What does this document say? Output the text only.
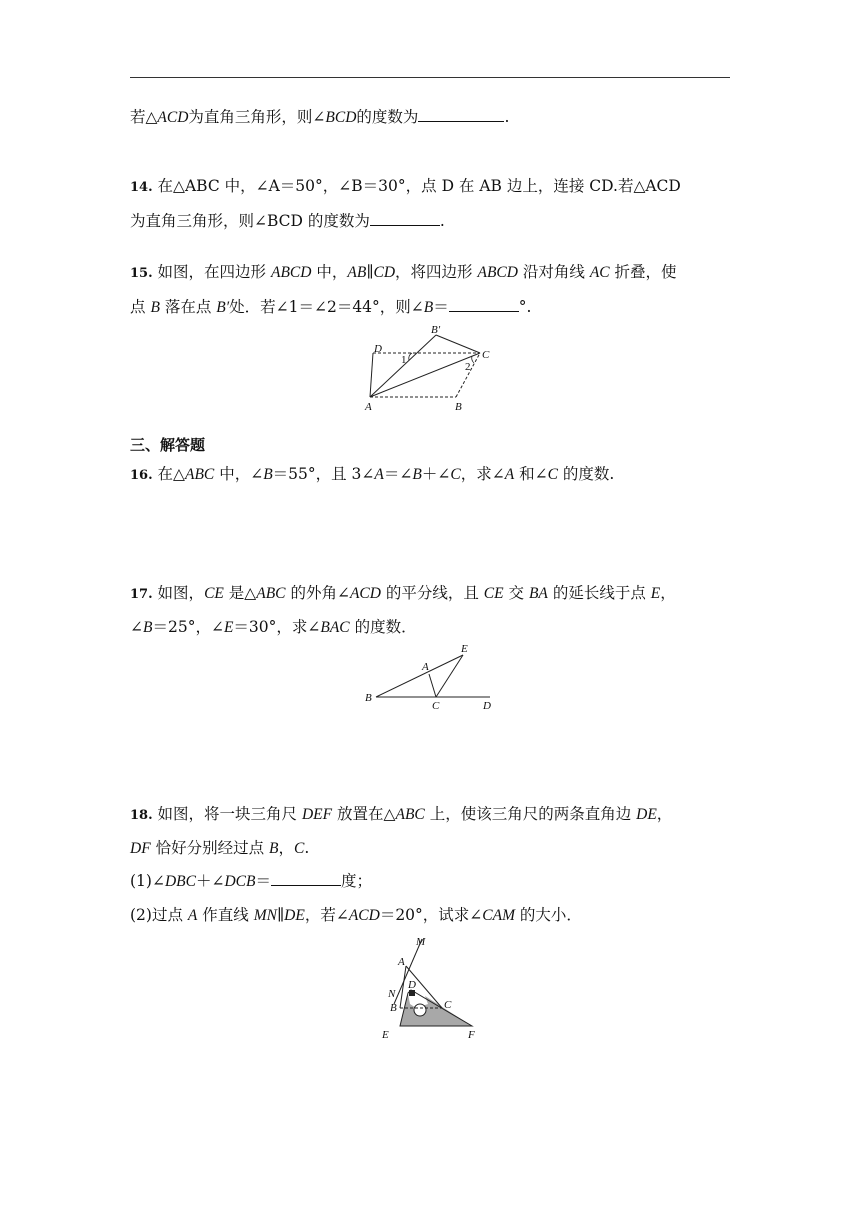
若△ACD为直角三角形，则∠BCD的度数为	.
14. 在△ABC 中，∠A＝50°，∠B＝30°，点 D 在 AB 边上，连接 CD.若△ACD
为直角三角形，则∠BCD 的度数为	.
15. 如图，在四边形 ABCD 中，AB∥CD，将四边形 ABCD 沿对角线 AC 折叠，使
点 B 落在点 B′处．若∠1＝∠2＝44°，则∠B＝	°.
D
B′
C
1
2
A	B
三、解答题
16. 在△ABC 中，∠B＝55°，且 3∠A＝∠B＋∠C，求∠A 和∠C 的度数.
17. 如图，CE 是△ABC 的外角∠ACD 的平分线，且 CE 交 BA 的延长线于点 E，
∠B＝25°，∠E＝30°，求∠BAC 的度数．
E
A
B
C	D
18. 如图，将一块三角尺 DEF 放置在△ABC 上，使该三角尺的两条直角边 DE，
DF 恰好分别经过点 B，C.
(1)∠DBC＋∠DCB＝	度；
(2)过点 A 作直线 MN∥DE，若∠ACD＝20°，试求∠CAM 的大小．
M
A
N
D
B	C
E	F
